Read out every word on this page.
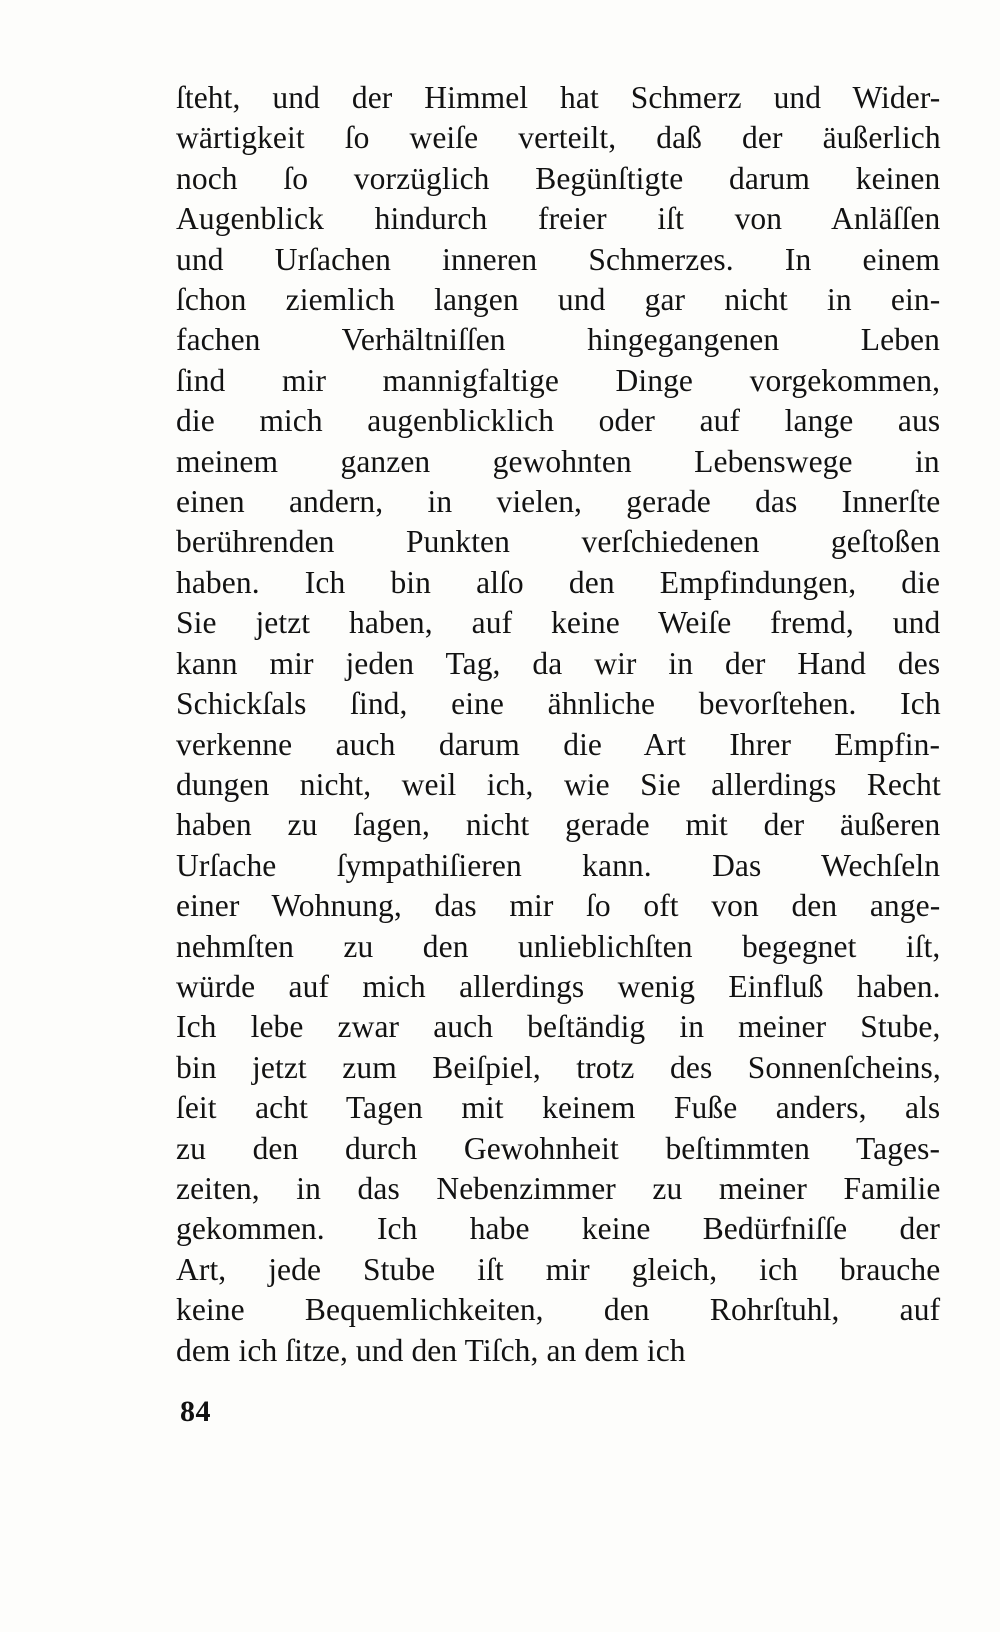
ſteht, und der Himmel hat Schmerz und Wider-
wärtigkeit ſo weiſe verteilt, daß der äußerlich
noch ſo vorzüglich Begünſtigte darum keinen
Augenblick hindurch freier iſt von Anläſſen
und Urſachen inneren Schmerzes. In einem
ſchon ziemlich langen und gar nicht in ein-
fachen Verhältniſſen hingegangenen Leben
ſind mir mannigfaltige Dinge vorgekommen,
die mich augenblicklich oder auf lange aus
meinem ganzen gewohnten Lebenswege in
einen andern, in vielen, gerade das Innerſte
berührenden Punkten verſchiedenen geſtoßen
haben. Ich bin alſo den Empfindungen, die
Sie jetzt haben, auf keine Weiſe fremd, und
kann mir jeden Tag, da wir in der Hand des
Schickſals ſind, eine ähnliche bevorſtehen. Ich
verkenne auch darum die Art Ihrer Empfin-
dungen nicht, weil ich, wie Sie allerdings Recht
haben zu ſagen, nicht gerade mit der äußeren
Urſache ſympathiſieren kann. Das Wechſeln
einer Wohnung, das mir ſo oft von den ange-
nehmſten zu den unlieblichſten begegnet iſt,
würde auf mich allerdings wenig Einfluß haben.
Ich lebe zwar auch beſtändig in meiner Stube,
bin jetzt zum Beiſpiel, trotz des Sonnenſcheins,
ſeit acht Tagen mit keinem Fuße anders, als
zu den durch Gewohnheit beſtimmten Tages-
zeiten, in das Nebenzimmer zu meiner Familie
gekommen. Ich habe keine Bedürfniſſe der
Art, jede Stube iſt mir gleich, ich brauche
keine Bequemlichkeiten, den Rohrſtuhl, auf
dem ich ſitze, und den Tiſch, an dem ich
84
